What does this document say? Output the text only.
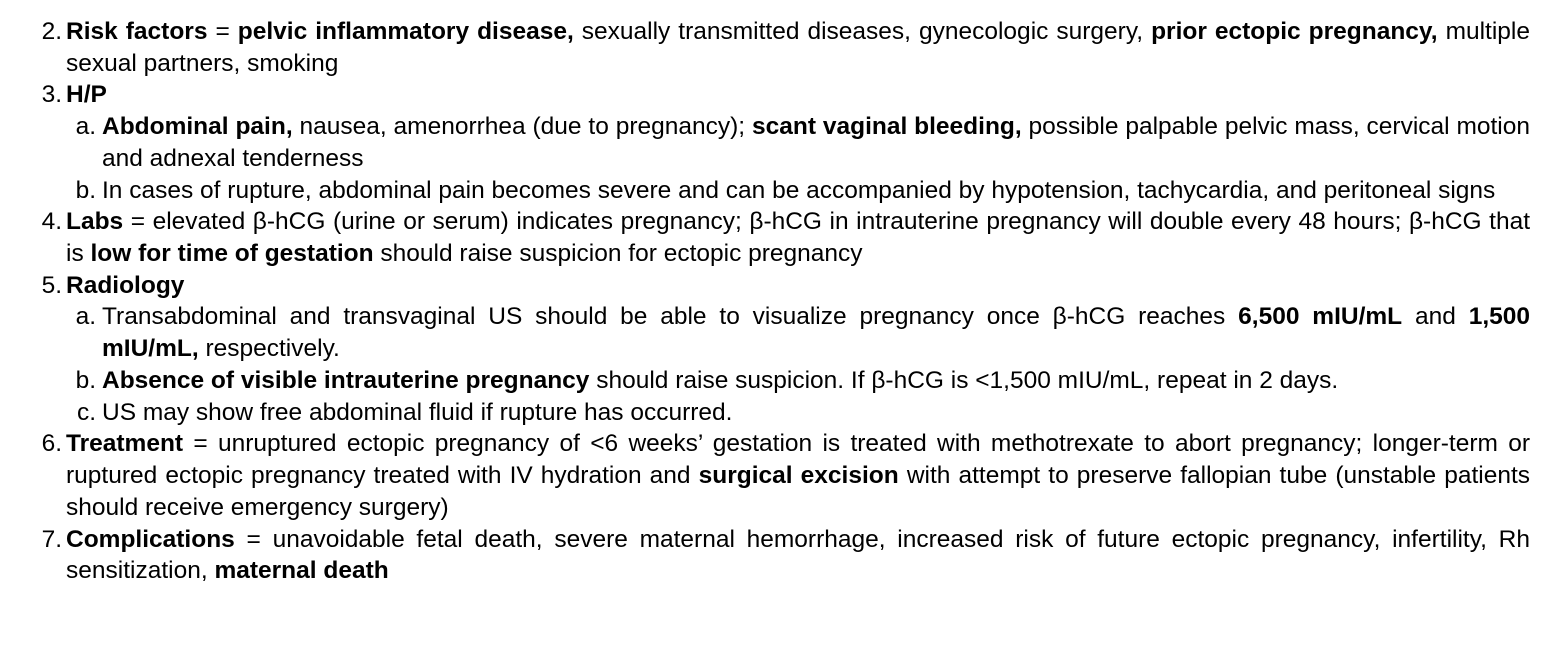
2. Risk factors = pelvic inflammatory disease, sexually transmitted diseases, gynecologic surgery, prior ectopic pregnancy, multiple sexual partners, smoking
3. H/P
a. Abdominal pain, nausea, amenorrhea (due to pregnancy); scant vaginal bleeding, possible palpable pelvic mass, cervical motion and adnexal tenderness
b. In cases of rupture, abdominal pain becomes severe and can be accompanied by hypotension, tachycardia, and peritoneal signs
4. Labs = elevated β-hCG (urine or serum) indicates pregnancy; β-hCG in intrauterine pregnancy will double every 48 hours; β-hCG that is low for time of gestation should raise suspicion for ectopic pregnancy
5. Radiology
a. Transabdominal and transvaginal US should be able to visualize pregnancy once β-hCG reaches 6,500 mIU/mL and 1,500 mIU/mL, respectively.
b. Absence of visible intrauterine pregnancy should raise suspicion. If β-hCG is <1,500 mIU/mL, repeat in 2 days.
c. US may show free abdominal fluid if rupture has occurred.
6. Treatment = unruptured ectopic pregnancy of <6 weeks’ gestation is treated with methotrexate to abort pregnancy; longer-term or ruptured ectopic pregnancy treated with IV hydration and surgical excision with attempt to preserve fallopian tube (unstable patients should receive emergency surgery)
7. Complications = unavoidable fetal death, severe maternal hemorrhage, increased risk of future ectopic pregnancy, infertility, Rh sensitization, maternal death
